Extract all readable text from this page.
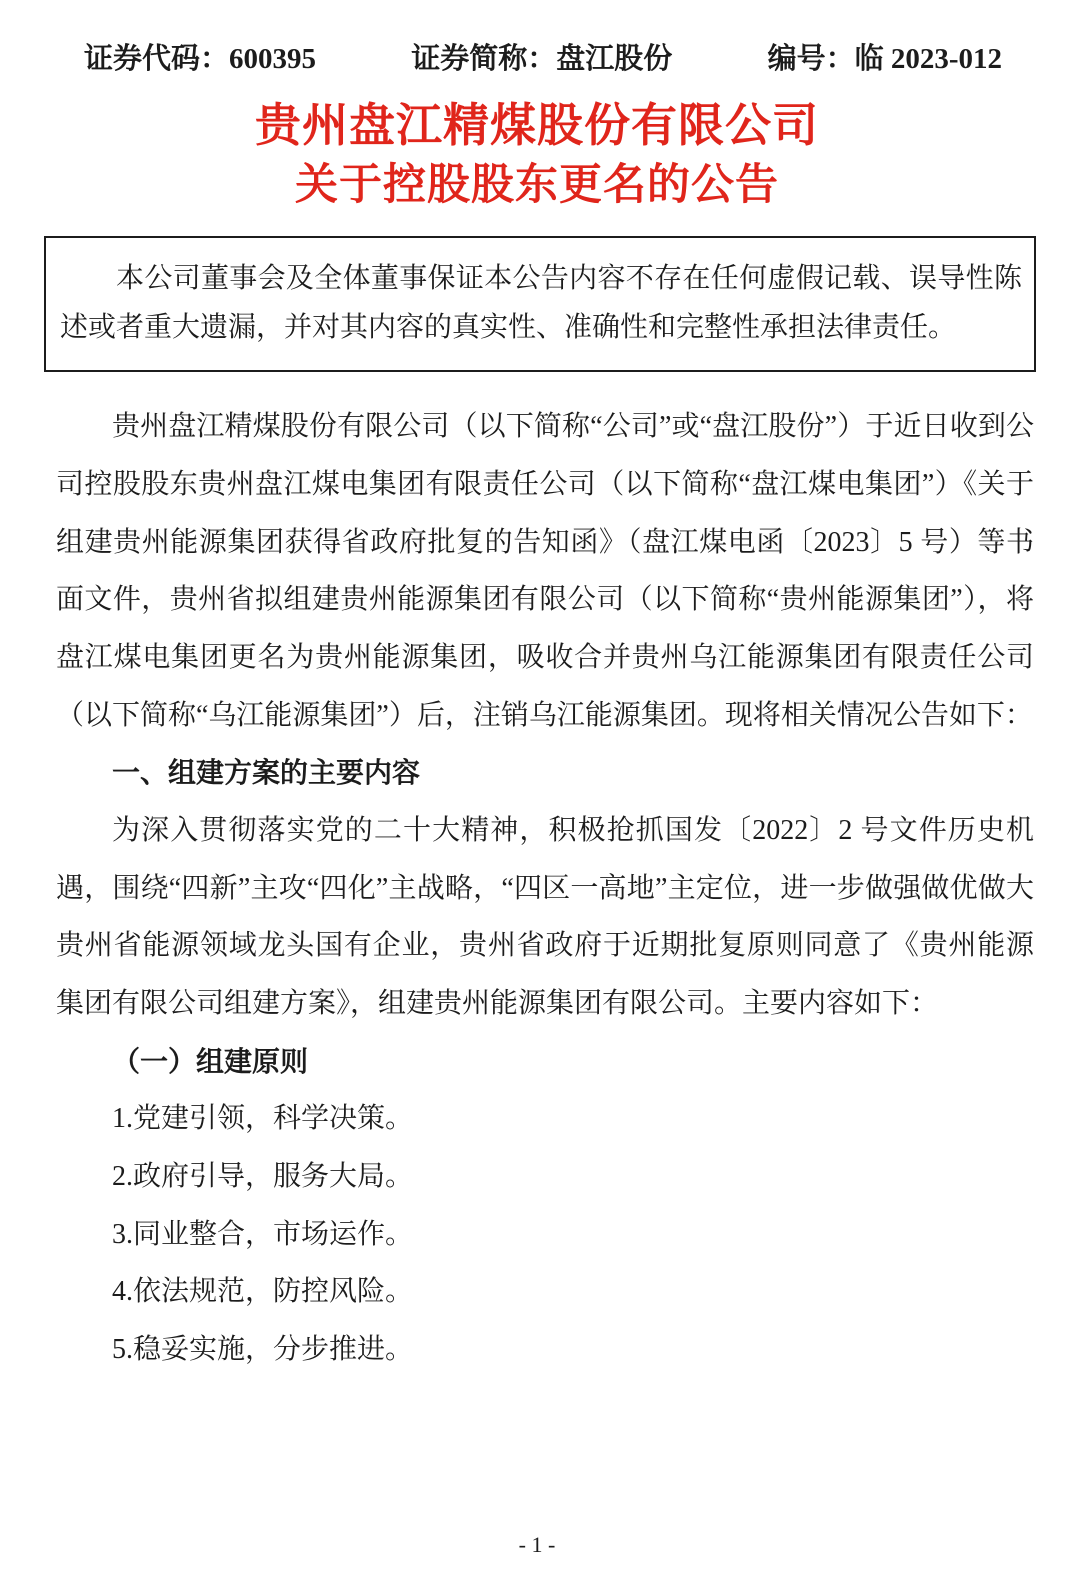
证券代码：600395	证券简称：盘江股份	编号：临 2023-012
贵州盘江精煤股份有限公司
关于控股股东更名的公告

本公司董事会及全体董事保证本公告内容不存在任何虚假记载、误导性陈述或者重大遗漏，并对其内容的真实性、准确性和完整性承担法律责任。

贵州盘江精煤股份有限公司（以下简称“公司”或“盘江股份”）于近日收到公司控股股东贵州盘江煤电集团有限责任公司（以下简称“盘江煤电集团”）《关于组建贵州能源集团获得省政府批复的告知函》（盘江煤电函〔2023〕5 号）等书面文件，贵州省拟组建贵州能源集团有限公司（以下简称“贵州能源集团”），将盘江煤电集团更名为贵州能源集团，吸收合并贵州乌江能源集团有限责任公司（以下简称“乌江能源集团”）后，注销乌江能源集团。现将相关情况公告如下：

一、组建方案的主要内容

为深入贯彻落实党的二十大精神，积极抢抓国发〔2022〕2 号文件历史机遇，围绕“四新”主攻“四化”主战略，“四区一高地”主定位，进一步做强做优做大贵州省能源领域龙头国有企业，贵州省政府于近期批复原则同意了《贵州能源集团有限公司组建方案》，组建贵州能源集团有限公司。主要内容如下：

（一）组建原则

1.党建引领，科学决策。

2.政府引导，服务大局。

3.同业整合，市场运作。

4.依法规范，防控风险。

5.稳妥实施，分步推进。

- 1 -
